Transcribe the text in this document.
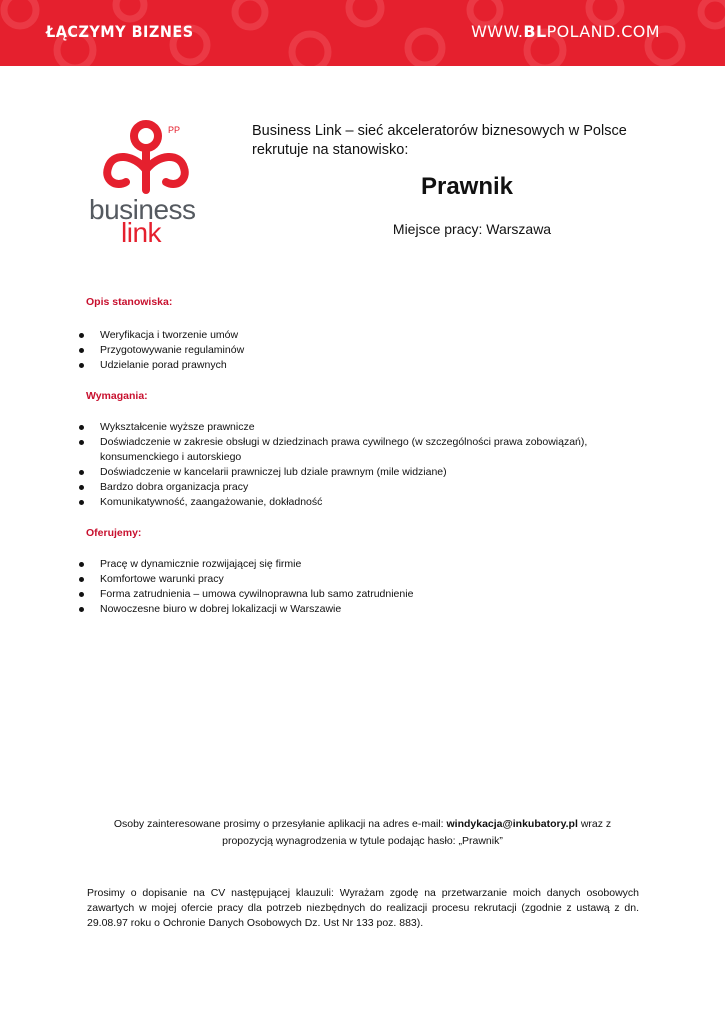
ŁĄCZYMY BIZNES	WWW.BLPOLAND.COM
PP
business
link
Business Link – sieć akceleratorów biznesowych w Polsce rekrutuje na stanowisko:
Prawnik
Miejsce pracy: Warszawa
Opis stanowiska:
Weryfikacja i tworzenie umów
Przygotowywanie regulaminów
Udzielanie porad prawnych
Wymagania:
Wykształcenie wyższe prawnicze
Doświadczenie w zakresie obsługi w dziedzinach prawa cywilnego (w szczególności prawa zobowiązań), konsumenckiego i autorskiego
Doświadczenie w kancelarii prawniczej lub dziale prawnym (mile widziane)
Bardzo dobra organizacja pracy
Komunikatywność, zaangażowanie, dokładność
Oferujemy:
Pracę w dynamicznie rozwijającej się firmie
Komfortowe warunki pracy
Forma zatrudnienia – umowa cywilnoprawna lub samo zatrudnienie
Nowoczesne biuro w dobrej lokalizacji w Warszawie
Osoby zainteresowane prosimy o przesyłanie aplikacji na adres e-mail: windykacja@inkubatory.pl wraz z propozycją wynagrodzenia w tytule podając hasło: „Prawnik”
Prosimy o dopisanie na CV następującej klauzuli: Wyrażam zgodę na przetwarzanie moich danych osobowych zawartych w mojej ofercie pracy dla potrzeb niezbędnych do realizacji procesu rekrutacji (zgodnie z ustawą z dn. 29.08.97 roku o Ochronie Danych Osobowych Dz. Ust Nr 133 poz. 883).
